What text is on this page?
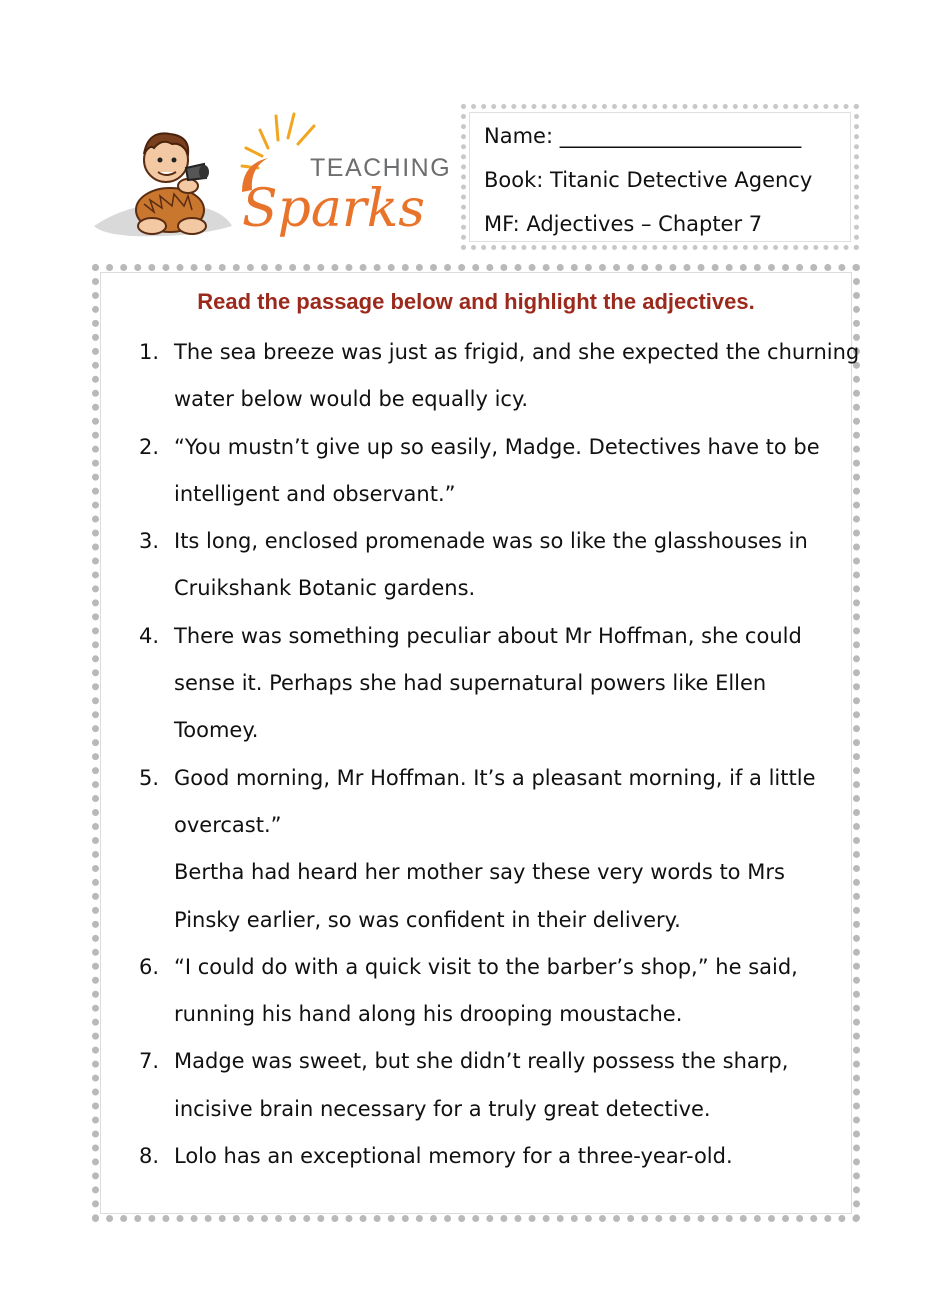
TEACHING
Sparks
Name: _______________________
Book: Titanic Detective Agency
MF: Adjectives – Chapter 7
Read the passage below and highlight the adjectives.
1. The sea breeze was just as frigid, and she expected the churning
water below would be equally icy.
2. “You mustn’t give up so easily, Madge. Detectives have to be
intelligent and observant.”
3. Its long, enclosed promenade was so like the glasshouses in
Cruikshank Botanic gardens.
4. There was something peculiar about Mr Hoffman, she could
sense it. Perhaps she had supernatural powers like Ellen
Toomey.
5. Good morning, Mr Hoffman. It’s a pleasant morning, if a little
overcast.”
Bertha had heard her mother say these very words to Mrs
Pinsky earlier, so was confident in their delivery.
6. “I could do with a quick visit to the barber’s shop,” he said,
running his hand along his drooping moustache.
7. Madge was sweet, but she didn’t really possess the sharp,
incisive brain necessary for a truly great detective.
8. Lolo has an exceptional memory for a three-year-old.
